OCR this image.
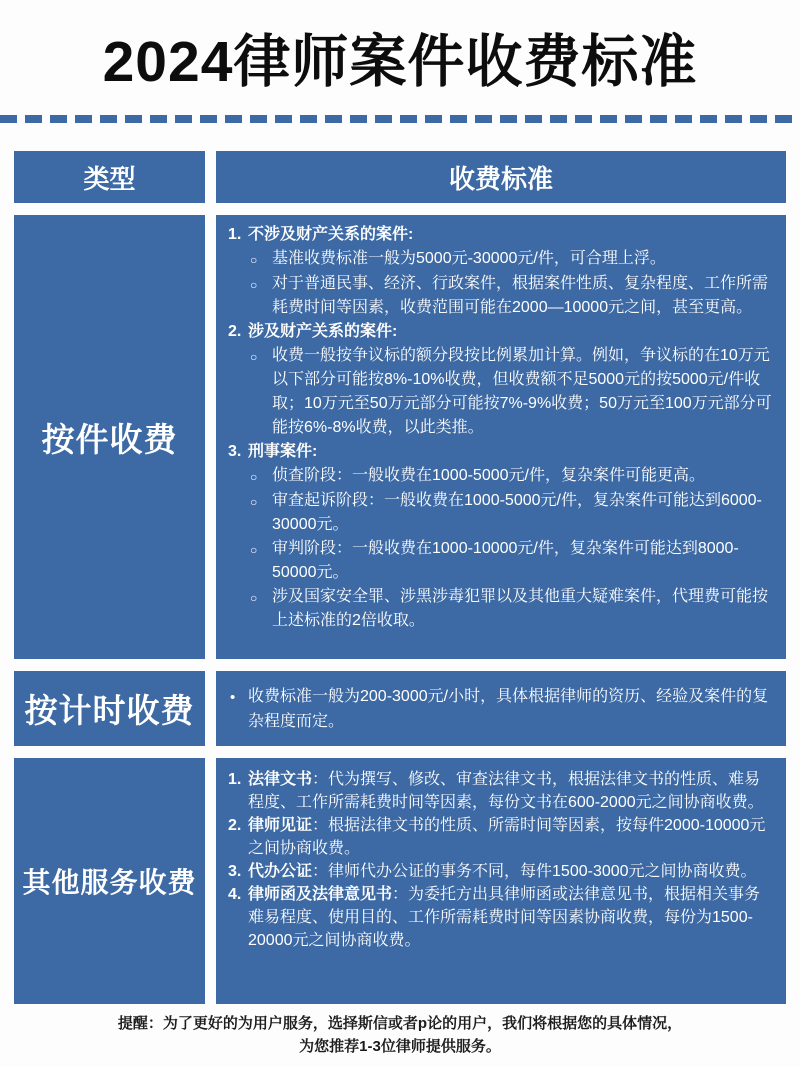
2024律师案件收费标准
类型	收费标准
按件收费
1. 不涉及财产关系的案件:
○ 基准收费标准一般为5000元-30000元/件，可合理上浮。
○ 对于普通民事、经济、行政案件，根据案件性质、复杂程度、工作所需耗费时间等因素，收费范围可能在2000—10000元之间，甚至更高。
2. 涉及财产关系的案件:
○ 收费一般按争议标的额分段按比例累加计算。例如，争议标的在10万元以下部分可能按8%-10%收费，但收费额不足5000元的按5000元/件收取；10万元至50万元部分可能按7%-9%收费；50万元至100万元部分可能按6%-8%收费，以此类推。
3. 刑事案件:
○ 侦查阶段：一般收费在1000-5000元/件，复杂案件可能更高。
○ 审查起诉阶段：一般收费在1000-5000元/件，复杂案件可能达到6000-30000元。
○ 审判阶段：一般收费在1000-10000元/件，复杂案件可能达到8000-50000元。
○ 涉及国家安全罪、涉黑涉毒犯罪以及其他重大疑难案件，代理费可能按上述标准的2倍收取。
按计时收费	• 收费标准一般为200-3000元/小时，具体根据律师的资历、经验及案件的复杂程度而定。
其他服务收费
1. 法律文书：代为撰写、修改、审查法律文书，根据法律文书的性质、难易程度、工作所需耗费时间等因素，每份文书在600-2000元之间协商收费。
2. 律师见证：根据法律文书的性质、所需时间等因素，按每件2000-10000元之间协商收费。
3. 代办公证：律师代办公证的事务不同，每件1500-3000元之间协商收费。
4. 律师函及法律意见书：为委托方出具律师函或法律意见书，根据相关事务难易程度、使用目的、工作所需耗费时间等因素协商收费，每份为1500-20000元之间协商收费。
提醒：为了更好的为用户服务，选择斯信或者p论的用户，我们将根据您的具体情况，
为您推荐1-3位律师提供服务。
